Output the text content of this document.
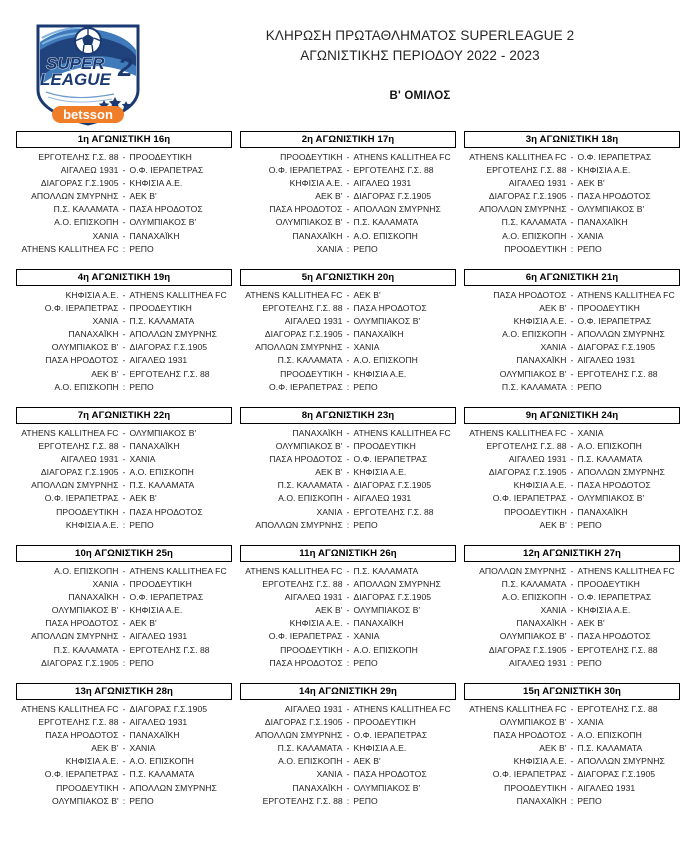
SUPER
LEAGUE 2
betsson
ΚΛΗΡΩΣΗ ΠΡΩΤΑΘΛΗΜΑΤΟΣ SUPERLEAGUE 2
ΑΓΩΝΙΣΤΙΚΗΣ ΠΕΡΙΟΔΟΥ 2022 - 2023
Β' ΟΜΙΛΟΣ
1η ΑΓΩΝΙΣΤΙΚΗ 16η
ΕΡΓΟΤΕΛΗΣ Γ.Σ. 88 - ΠΡΟΟΔΕΥΤΙΚΗ
ΑΙΓΑΛΕΩ 1931 - Ο.Φ. ΙΕΡΑΠΕΤΡΑΣ
ΔΙΑΓΟΡΑΣ Γ.Σ.1905 - ΚΗΦΙΣΙΑ Α.Ε.
ΑΠΟΛΛΩΝ ΣΜΥΡΝΗΣ - ΑΕΚ Β'
Π.Σ. ΚΑΛΑΜΑΤΑ - ΠΑΣΑ ΗΡΟΔΟΤΟΣ
Α.Ο. ΕΠΙΣΚΟΠΗ - ΟΛΥΜΠΙΑΚΟΣ Β'
ΧΑΝΙΑ - ΠΑΝΑΧΑΪΚΗ
ATHENS KALLITHEA FC : ΡΕΠΟ
2η ΑΓΩΝΙΣΤΙΚΗ 17η
ΠΡΟΟΔΕΥΤΙΚΗ - ATHENS KALLITHEA FC
Ο.Φ. ΙΕΡΑΠΕΤΡΑΣ - ΕΡΓΟΤΕΛΗΣ Γ.Σ. 88
ΚΗΦΙΣΙΑ Α.Ε. - ΑΙΓΑΛΕΩ 1931
ΑΕΚ Β' - ΔΙΑΓΟΡΑΣ Γ.Σ.1905
ΠΑΣΑ ΗΡΟΔΟΤΟΣ - ΑΠΟΛΛΩΝ ΣΜΥΡΝΗΣ
ΟΛΥΜΠΙΑΚΟΣ Β' - Π.Σ. ΚΑΛΑΜΑΤΑ
ΠΑΝΑΧΑΪΚΗ - Α.Ο. ΕΠΙΣΚΟΠΗ
ΧΑΝΙΑ : ΡΕΠΟ
3η ΑΓΩΝΙΣΤΙΚΗ 18η
ATHENS KALLITHEA FC - Ο.Φ. ΙΕΡΑΠΕΤΡΑΣ
ΕΡΓΟΤΕΛΗΣ Γ.Σ. 88 - ΚΗΦΙΣΙΑ Α.Ε.
ΑΙΓΑΛΕΩ 1931 - ΑΕΚ Β'
ΔΙΑΓΟΡΑΣ Γ.Σ.1905 - ΠΑΣΑ ΗΡΟΔΟΤΟΣ
ΑΠΟΛΛΩΝ ΣΜΥΡΝΗΣ - ΟΛΥΜΠΙΑΚΟΣ Β'
Π.Σ. ΚΑΛΑΜΑΤΑ - ΠΑΝΑΧΑΪΚΗ
Α.Ο. ΕΠΙΣΚΟΠΗ - ΧΑΝΙΑ
ΠΡΟΟΔΕΥΤΙΚΗ : ΡΕΠΟ
4η ΑΓΩΝΙΣΤΙΚΗ 19η
ΚΗΦΙΣΙΑ Α.Ε. - ATHENS KALLITHEA FC
Ο.Φ. ΙΕΡΑΠΕΤΡΑΣ - ΠΡΟΟΔΕΥΤΙΚΗ
ΧΑΝΙΑ - Π.Σ. ΚΑΛΑΜΑΤΑ
ΠΑΝΑΧΑΪΚΗ - ΑΠΟΛΛΩΝ ΣΜΥΡΝΗΣ
ΟΛΥΜΠΙΑΚΟΣ Β' - ΔΙΑΓΟΡΑΣ Γ.Σ.1905
ΠΑΣΑ ΗΡΟΔΟΤΟΣ - ΑΙΓΑΛΕΩ 1931
ΑΕΚ Β' - ΕΡΓΟΤΕΛΗΣ Γ.Σ. 88
Α.Ο. ΕΠΙΣΚΟΠΗ : ΡΕΠΟ
5η ΑΓΩΝΙΣΤΙΚΗ 20η
ATHENS KALLITHEA FC - ΑΕΚ Β'
ΕΡΓΟΤΕΛΗΣ Γ.Σ. 88 - ΠΑΣΑ ΗΡΟΔΟΤΟΣ
ΑΙΓΑΛΕΩ 1931 - ΟΛΥΜΠΙΑΚΟΣ Β'
ΔΙΑΓΟΡΑΣ Γ.Σ.1905 - ΠΑΝΑΧΑΪΚΗ
ΑΠΟΛΛΩΝ ΣΜΥΡΝΗΣ - ΧΑΝΙΑ
Π.Σ. ΚΑΛΑΜΑΤΑ - Α.Ο. ΕΠΙΣΚΟΠΗ
ΠΡΟΟΔΕΥΤΙΚΗ - ΚΗΦΙΣΙΑ Α.Ε.
Ο.Φ. ΙΕΡΑΠΕΤΡΑΣ : ΡΕΠΟ
6η ΑΓΩΝΙΣΤΙΚΗ 21η
ΠΑΣΑ ΗΡΟΔΟΤΟΣ - ATHENS KALLITHEA FC
ΑΕΚ Β' - ΠΡΟΟΔΕΥΤΙΚΗ
ΚΗΦΙΣΙΑ Α.Ε. - Ο.Φ. ΙΕΡΑΠΕΤΡΑΣ
Α.Ο. ΕΠΙΣΚΟΠΗ - ΑΠΟΛΛΩΝ ΣΜΥΡΝΗΣ
ΧΑΝΙΑ - ΔΙΑΓΟΡΑΣ Γ.Σ.1905
ΠΑΝΑΧΑΪΚΗ - ΑΙΓΑΛΕΩ 1931
ΟΛΥΜΠΙΑΚΟΣ Β' - ΕΡΓΟΤΕΛΗΣ Γ.Σ. 88
Π.Σ. ΚΑΛΑΜΑΤΑ : ΡΕΠΟ
7η ΑΓΩΝΙΣΤΙΚΗ 22η
ATHENS KALLITHEA FC - ΟΛΥΜΠΙΑΚΟΣ Β'
ΕΡΓΟΤΕΛΗΣ Γ.Σ. 88 - ΠΑΝΑΧΑΪΚΗ
ΑΙΓΑΛΕΩ 1931 - ΧΑΝΙΑ
ΔΙΑΓΟΡΑΣ Γ.Σ.1905 - Α.Ο. ΕΠΙΣΚΟΠΗ
ΑΠΟΛΛΩΝ ΣΜΥΡΝΗΣ - Π.Σ. ΚΑΛΑΜΑΤΑ
Ο.Φ. ΙΕΡΑΠΕΤΡΑΣ - ΑΕΚ Β'
ΠΡΟΟΔΕΥΤΙΚΗ - ΠΑΣΑ ΗΡΟΔΟΤΟΣ
ΚΗΦΙΣΙΑ Α.Ε. : ΡΕΠΟ
8η ΑΓΩΝΙΣΤΙΚΗ 23η
ΠΑΝΑΧΑΪΚΗ - ATHENS KALLITHEA FC
ΟΛΥΜΠΙΑΚΟΣ Β' - ΠΡΟΟΔΕΥΤΙΚΗ
ΠΑΣΑ ΗΡΟΔΟΤΟΣ - Ο.Φ. ΙΕΡΑΠΕΤΡΑΣ
ΑΕΚ Β' - ΚΗΦΙΣΙΑ Α.Ε.
Π.Σ. ΚΑΛΑΜΑΤΑ - ΔΙΑΓΟΡΑΣ Γ.Σ.1905
Α.Ο. ΕΠΙΣΚΟΠΗ - ΑΙΓΑΛΕΩ 1931
ΧΑΝΙΑ - ΕΡΓΟΤΕΛΗΣ Γ.Σ. 88
ΑΠΟΛΛΩΝ ΣΜΥΡΝΗΣ : ΡΕΠΟ
9η ΑΓΩΝΙΣΤΙΚΗ 24η
ATHENS KALLITHEA FC - ΧΑΝΙΑ
ΕΡΓΟΤΕΛΗΣ Γ.Σ. 88 - Α.Ο. ΕΠΙΣΚΟΠΗ
ΑΙΓΑΛΕΩ 1931 - Π.Σ. ΚΑΛΑΜΑΤΑ
ΔΙΑΓΟΡΑΣ Γ.Σ.1905 - ΑΠΟΛΛΩΝ ΣΜΥΡΝΗΣ
ΚΗΦΙΣΙΑ Α.Ε. - ΠΑΣΑ ΗΡΟΔΟΤΟΣ
Ο.Φ. ΙΕΡΑΠΕΤΡΑΣ - ΟΛΥΜΠΙΑΚΟΣ Β'
ΠΡΟΟΔΕΥΤΙΚΗ - ΠΑΝΑΧΑΪΚΗ
ΑΕΚ Β' : ΡΕΠΟ
10η ΑΓΩΝΙΣΤΙΚΗ 25η
Α.Ο. ΕΠΙΣΚΟΠΗ - ATHENS KALLITHEA FC
ΧΑΝΙΑ - ΠΡΟΟΔΕΥΤΙΚΗ
ΠΑΝΑΧΑΪΚΗ - Ο.Φ. ΙΕΡΑΠΕΤΡΑΣ
ΟΛΥΜΠΙΑΚΟΣ Β' - ΚΗΦΙΣΙΑ Α.Ε.
ΠΑΣΑ ΗΡΟΔΟΤΟΣ - ΑΕΚ Β'
ΑΠΟΛΛΩΝ ΣΜΥΡΝΗΣ - ΑΙΓΑΛΕΩ 1931
Π.Σ. ΚΑΛΑΜΑΤΑ - ΕΡΓΟΤΕΛΗΣ Γ.Σ. 88
ΔΙΑΓΟΡΑΣ Γ.Σ.1905 : ΡΕΠΟ
11η ΑΓΩΝΙΣΤΙΚΗ 26η
ATHENS KALLITHEA FC - Π.Σ. ΚΑΛΑΜΑΤΑ
ΕΡΓΟΤΕΛΗΣ Γ.Σ. 88 - ΑΠΟΛΛΩΝ ΣΜΥΡΝΗΣ
ΑΙΓΑΛΕΩ 1931 - ΔΙΑΓΟΡΑΣ Γ.Σ.1905
ΑΕΚ Β' - ΟΛΥΜΠΙΑΚΟΣ Β'
ΚΗΦΙΣΙΑ Α.Ε. - ΠΑΝΑΧΑΪΚΗ
Ο.Φ. ΙΕΡΑΠΕΤΡΑΣ - ΧΑΝΙΑ
ΠΡΟΟΔΕΥΤΙΚΗ - Α.Ο. ΕΠΙΣΚΟΠΗ
ΠΑΣΑ ΗΡΟΔΟΤΟΣ : ΡΕΠΟ
12η ΑΓΩΝΙΣΤΙΚΗ 27η
ΑΠΟΛΛΩΝ ΣΜΥΡΝΗΣ - ATHENS KALLITHEA FC
Π.Σ. ΚΑΛΑΜΑΤΑ - ΠΡΟΟΔΕΥΤΙΚΗ
Α.Ο. ΕΠΙΣΚΟΠΗ - Ο.Φ. ΙΕΡΑΠΕΤΡΑΣ
ΧΑΝΙΑ - ΚΗΦΙΣΙΑ Α.Ε.
ΠΑΝΑΧΑΪΚΗ - ΑΕΚ Β'
ΟΛΥΜΠΙΑΚΟΣ Β' - ΠΑΣΑ ΗΡΟΔΟΤΟΣ
ΔΙΑΓΟΡΑΣ Γ.Σ.1905 - ΕΡΓΟΤΕΛΗΣ Γ.Σ. 88
ΑΙΓΑΛΕΩ 1931 : ΡΕΠΟ
13η ΑΓΩΝΙΣΤΙΚΗ 28η
ATHENS KALLITHEA FC - ΔΙΑΓΟΡΑΣ Γ.Σ.1905
ΕΡΓΟΤΕΛΗΣ Γ.Σ. 88 - ΑΙΓΑΛΕΩ 1931
ΠΑΣΑ ΗΡΟΔΟΤΟΣ - ΠΑΝΑΧΑΪΚΗ
ΑΕΚ Β' - ΧΑΝΙΑ
ΚΗΦΙΣΙΑ Α.Ε. - Α.Ο. ΕΠΙΣΚΟΠΗ
Ο.Φ. ΙΕΡΑΠΕΤΡΑΣ - Π.Σ. ΚΑΛΑΜΑΤΑ
ΠΡΟΟΔΕΥΤΙΚΗ - ΑΠΟΛΛΩΝ ΣΜΥΡΝΗΣ
ΟΛΥΜΠΙΑΚΟΣ Β' : ΡΕΠΟ
14η ΑΓΩΝΙΣΤΙΚΗ 29η
ΑΙΓΑΛΕΩ 1931 - ATHENS KALLITHEA FC
ΔΙΑΓΟΡΑΣ Γ.Σ.1905 - ΠΡΟΟΔΕΥΤΙΚΗ
ΑΠΟΛΛΩΝ ΣΜΥΡΝΗΣ - Ο.Φ. ΙΕΡΑΠΕΤΡΑΣ
Π.Σ. ΚΑΛΑΜΑΤΑ - ΚΗΦΙΣΙΑ Α.Ε.
Α.Ο. ΕΠΙΣΚΟΠΗ - ΑΕΚ Β'
ΧΑΝΙΑ - ΠΑΣΑ ΗΡΟΔΟΤΟΣ
ΠΑΝΑΧΑΪΚΗ - ΟΛΥΜΠΙΑΚΟΣ Β'
ΕΡΓΟΤΕΛΗΣ Γ.Σ. 88 : ΡΕΠΟ
15η ΑΓΩΝΙΣΤΙΚΗ 30η
ATHENS KALLITHEA FC - ΕΡΓΟΤΕΛΗΣ Γ.Σ. 88
ΟΛΥΜΠΙΑΚΟΣ Β' - ΧΑΝΙΑ
ΠΑΣΑ ΗΡΟΔΟΤΟΣ - Α.Ο. ΕΠΙΣΚΟΠΗ
ΑΕΚ Β' - Π.Σ. ΚΑΛΑΜΑΤΑ
ΚΗΦΙΣΙΑ Α.Ε. - ΑΠΟΛΛΩΝ ΣΜΥΡΝΗΣ
Ο.Φ. ΙΕΡΑΠΕΤΡΑΣ - ΔΙΑΓΟΡΑΣ Γ.Σ.1905
ΠΡΟΟΔΕΥΤΙΚΗ - ΑΙΓΑΛΕΩ 1931
ΠΑΝΑΧΑΪΚΗ : ΡΕΠΟ
